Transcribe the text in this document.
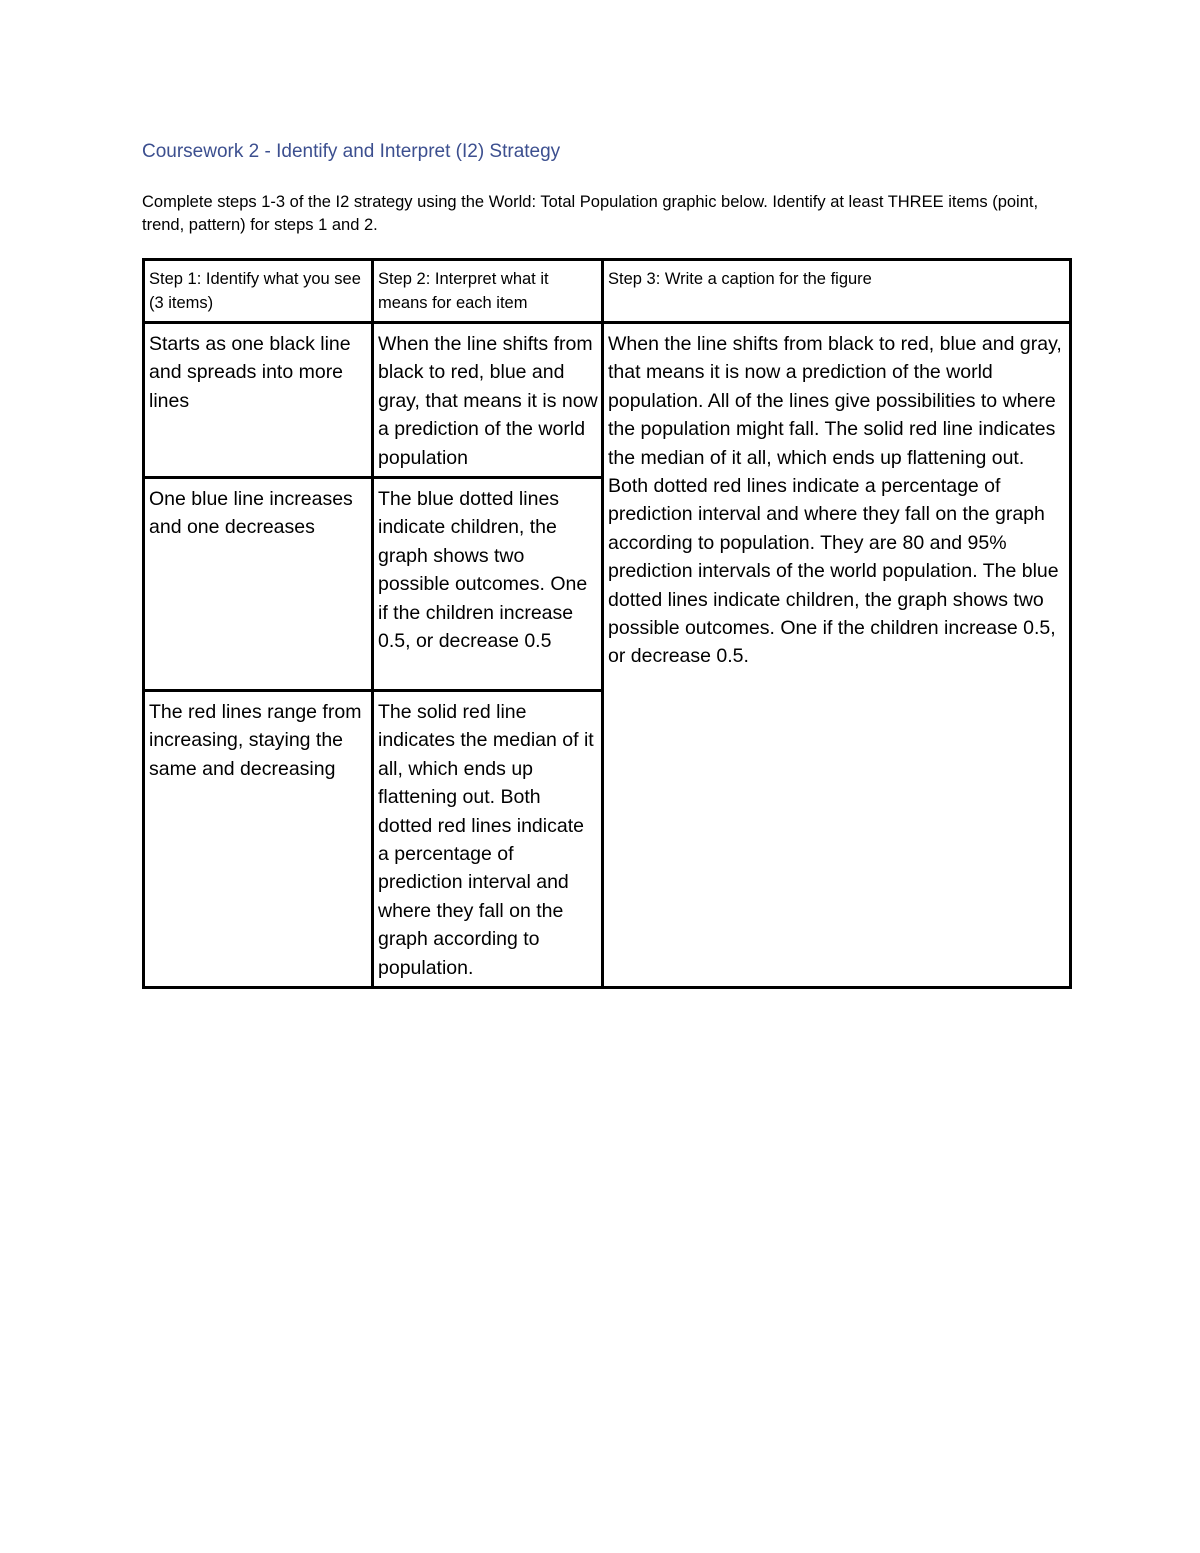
Coursework 2 - Identify and Interpret (I2) Strategy
Complete steps 1-3 of the I2 strategy using the World: Total Population graphic below. Identify at least THREE items (point, trend, pattern) for steps 1 and 2.
Step 1: Identify what you see (3 items)	Step 2: Interpret what it means for each item	Step 3: Write a caption for the figure
Starts as one black line and spreads into more lines	When the line shifts from black to red, blue and gray, that means it is now a prediction of the world population	When the line shifts from black to red, blue and gray, that means it is now a prediction of the world population. All of the lines give possibilities to where the population might fall. The solid red line indicates the median of it all, which ends up flattening out. Both dotted red lines indicate a percentage of prediction interval and where they fall on the graph according to population. They are 80 and 95% prediction intervals of the world population. The blue dotted lines indicate children, the graph shows two possible outcomes. One if the children increase 0.5, or decrease 0.5.
One blue line increases and one decreases	The blue dotted lines indicate children, the graph shows two possible outcomes. One if the children increase 0.5, or decrease 0.5	
The red lines range from increasing, staying the same and decreasing	The solid red line indicates the median of it all, which ends up flattening out. Both dotted red lines indicate a percentage of prediction interval and where they fall on the graph according to population.	
